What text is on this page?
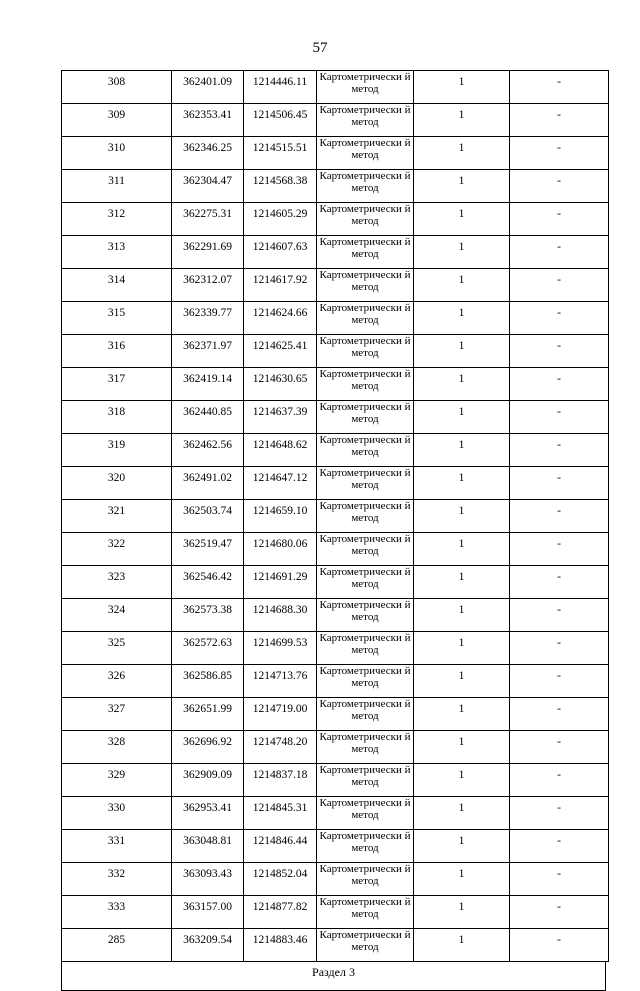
57
308	362401.09	1214446.11	Картометрически й метод	1	-
309	362353.41	1214506.45	Картометрически й метод	1	-
310	362346.25	1214515.51	Картометрически й метод	1	-
311	362304.47	1214568.38	Картометрически й метод	1	-
312	362275.31	1214605.29	Картометрически й метод	1	-
313	362291.69	1214607.63	Картометрически й метод	1	-
314	362312.07	1214617.92	Картометрически й метод	1	-
315	362339.77	1214624.66	Картометрически й метод	1	-
316	362371.97	1214625.41	Картометрически й метод	1	-
317	362419.14	1214630.65	Картометрически й метод	1	-
318	362440.85	1214637.39	Картометрически й метод	1	-
319	362462.56	1214648.62	Картометрически й метод	1	-
320	362491.02	1214647.12	Картометрически й метод	1	-
321	362503.74	1214659.10	Картометрически й метод	1	-
322	362519.47	1214680.06	Картометрически й метод	1	-
323	362546.42	1214691.29	Картометрически й метод	1	-
324	362573.38	1214688.30	Картометрически й метод	1	-
325	362572.63	1214699.53	Картометрически й метод	1	-
326	362586.85	1214713.76	Картометрически й метод	1	-
327	362651.99	1214719.00	Картометрически й метод	1	-
328	362696.92	1214748.20	Картометрически й метод	1	-
329	362909.09	1214837.18	Картометрически й метод	1	-
330	362953.41	1214845.31	Картометрически й метод	1	-
331	363048.81	1214846.44	Картометрически й метод	1	-
332	363093.43	1214852.04	Картометрически й метод	1	-
333	363157.00	1214877.82	Картометрически й метод	1	-
285	363209.54	1214883.46	Картометрически й метод	1	-
Раздел 3
